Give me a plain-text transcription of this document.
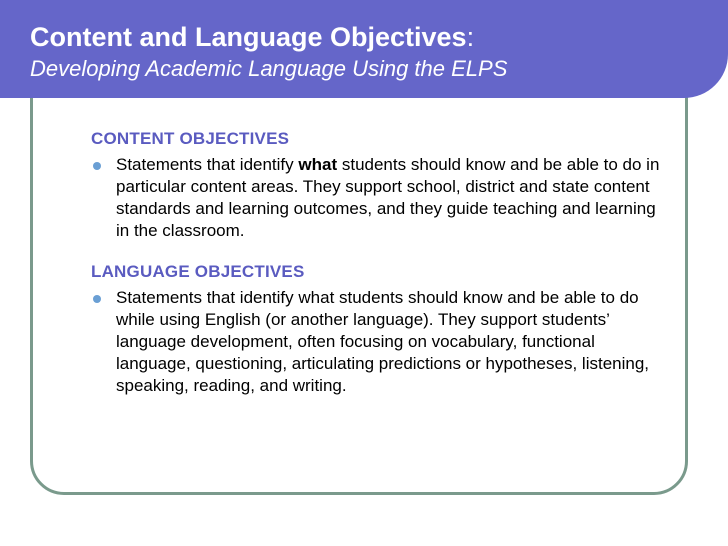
Content and Language Objectives:
Developing Academic Language Using the ELPS
CONTENT OBJECTIVES
Statements that identify what students should know and be able to do in particular content areas. They support school, district and state content standards and learning outcomes, and they guide teaching and learning in the classroom.
LANGUAGE OBJECTIVES
Statements that identify what students should know and be able to do while using English (or another language). They support students’ language development, often focusing on vocabulary, functional language, questioning, articulating predictions or hypotheses, listening, speaking, reading, and writing.
